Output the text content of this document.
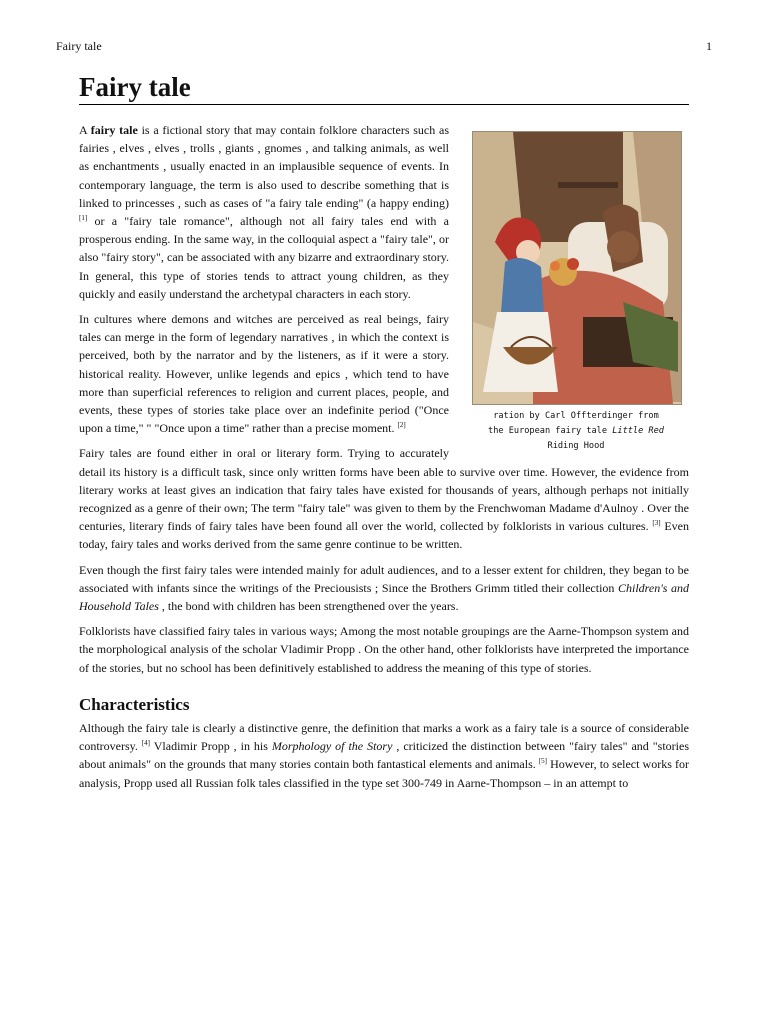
Fairy tale	1
Fairy tale
ration by Carl Offterdinger from
the European fairy tale Little Red
Riding Hood

A fairy tale is a fictional story that may contain folklore characters such as fairies , elves , elves , trolls , giants , gnomes , and talking animals, as well as enchantments , usually enacted in an implausible sequence of events. In contemporary language, the term is also used to describe something that is linked to princesses , such as cases of "a fairy tale ending" (a happy ending) [1] or a "fairy tale romance", although not all fairy tales end with a prosperous ending. In the same way, in the colloquial aspect a "fairy tale", or also "fairy story", can be associated with any bizarre and extraordinary story. In general, this type of stories tends to attract young children, as they quickly and easily understand the archetypal characters in each story.

In cultures where demons and witches are perceived as real beings, fairy tales can merge in the form of legendary narratives , in which the context is perceived, both by the narrator and by the listeners, as if it were a story. historical reality. However, unlike legends and epics , which tend to have more than superficial references to religion and current places, people, and events, these types of stories take place over an indefinite period ("Once upon a time," " "Once upon a time" rather than a precise moment. [2]

Fairy tales are found either in oral or literary form. Trying to accurately detail its history is a difficult task, since only written forms have been able to survive over time. However, the evidence from literary works at least gives an indication that fairy tales have existed for thousands of years, although perhaps not initially recognized as a genre of their own; The term "fairy tale" was given to them by the Frenchwoman Madame d'Aulnoy . Over the centuries, literary finds of fairy tales have been found all over the world, collected by folklorists in various cultures. [3] Even today, fairy tales and works derived from the same genre continue to be written.

Even though the first fairy tales were intended mainly for adult audiences, and to a lesser extent for children, they began to be associated with infants since the writings of the Preciousists ; Since the Brothers Grimm titled their collection Children's and Household Tales , the bond with children has been strengthened over the years.

Folklorists have classified fairy tales in various ways; Among the most notable groupings are the Aarne-Thompson system and the morphological analysis of the scholar Vladimir Propp . On the other hand, other folklorists have interpreted the importance of the stories, but no school has been definitively established to address the meaning of this type of stories.

Characteristics

Although the fairy tale is clearly a distinctive genre, the definition that marks a work as a fairy tale is a source of considerable controversy. [4] Vladimir Propp , in his Morphology of the Story , criticized the distinction between "fairy tales" and "stories about animals" on the grounds that many stories contain both fantastical elements and animals. [5] However, to select works for analysis, Propp used all Russian folk tales classified in the type set 300-749 in Aarne-Thompson – in an attempt to
